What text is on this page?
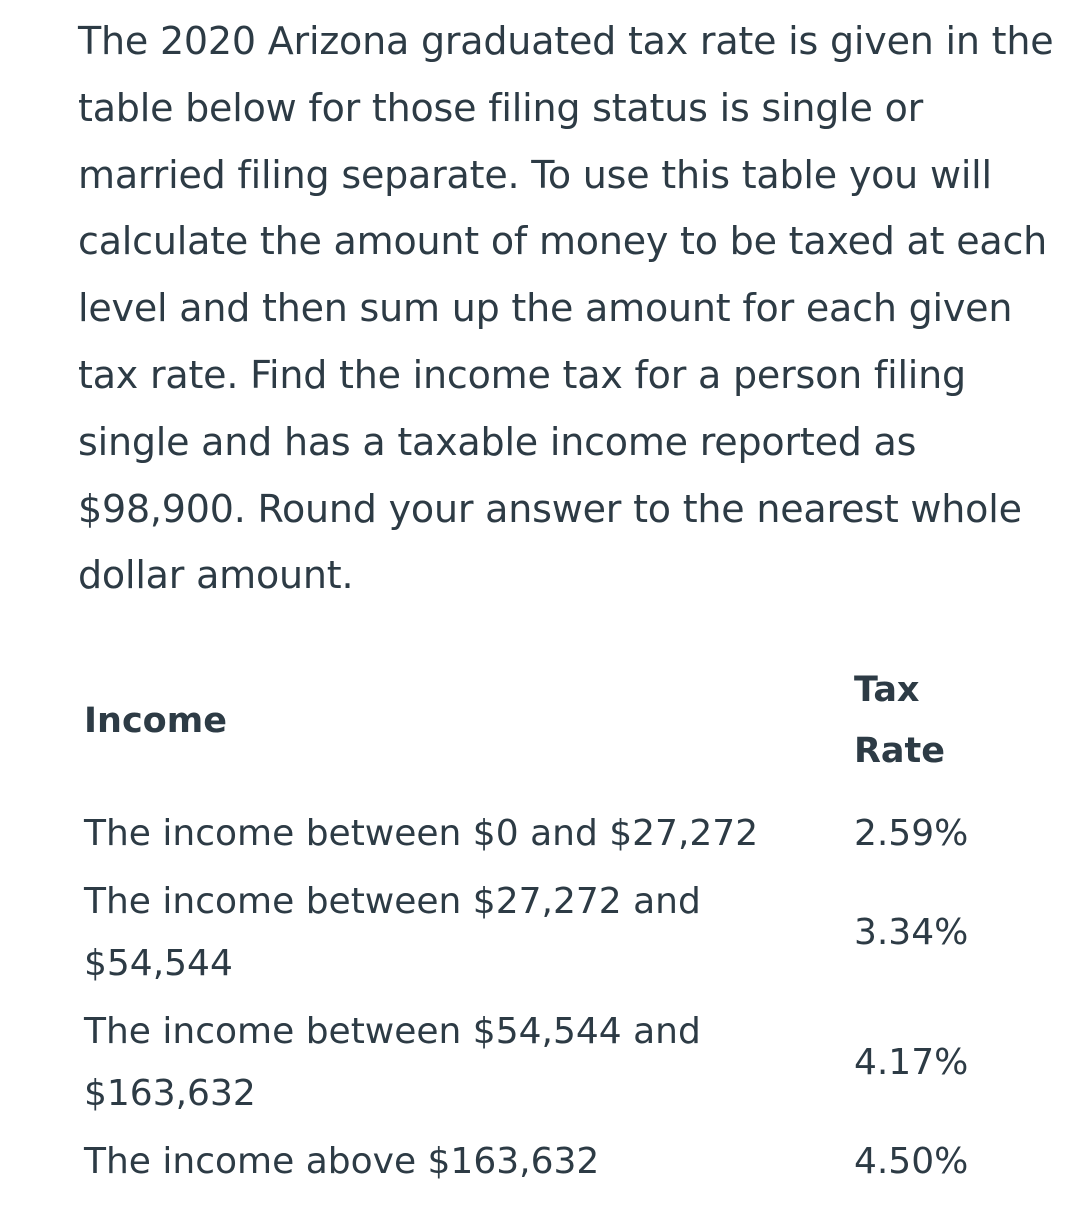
The 2020 Arizona graduated tax rate is given in the table below for those filing status is single or married filing separate. To use this table you will calculate the amount of money to be taxed at each level and then sum up the amount for each given tax rate. Find the income tax for a person filing single and has a taxable income reported as $98,900. Round your answer to the nearest whole dollar amount.

Income	Tax
Rate
The income between $0 and $27,272	2.59%
The income between $27,272 and $54,544	3.34%
The income between $54,544 and $163,632	4.17%
The income above $163,632	4.50%
